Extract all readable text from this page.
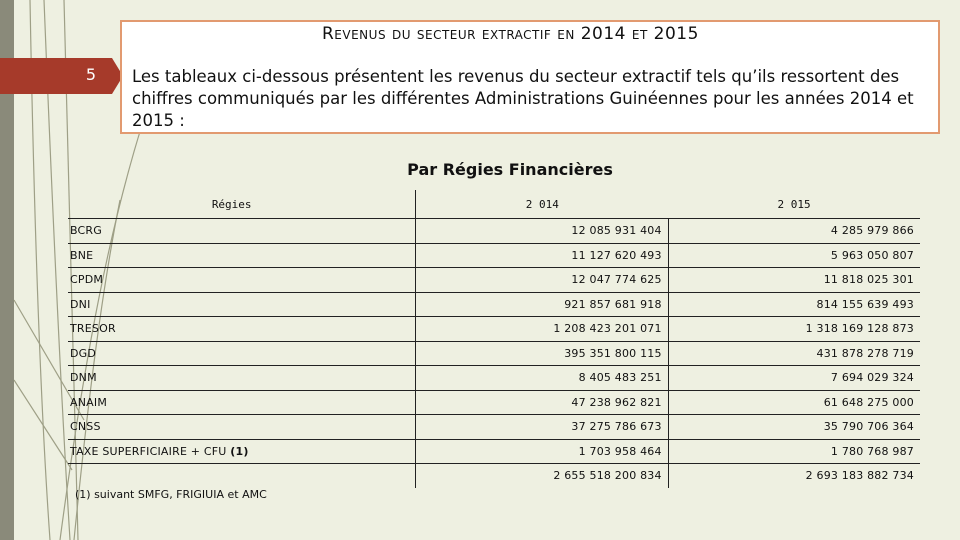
5
Revenus du secteur extractif en 2014 et 2015
Les tableaux ci-dessous présentent les revenus du secteur extractif tels qu’ils ressortent des chiffres communiqués par les différentes Administrations Guinéennes pour les années 2014 et 2015 :
Par Régies Financières
Régies	2 014	2 015
BCRG	12 085 931 404	4 285 979 866
BNE	11 127 620 493	5 963 050 807
CPDM	12 047 774 625	11 818 025 301
DNI	921 857 681 918	814 155 639 493
TRESOR	1 208 423 201 071	1 318 169 128 873
DGD	395 351 800 115	431 878 278 719
DNM	8 405 483 251	7 694 029 324
ANAIM	47 238 962 821	61 648 275 000
CNSS	37 275 786 673	35 790 706 364
TAXE SUPERFICIAIRE + CFU (1)	1 703 958 464	1 780 768 987
	2 655 518 200 834	2 693 183 882 734
(1) suivant SMFG, FRIGIUIA et AMC
